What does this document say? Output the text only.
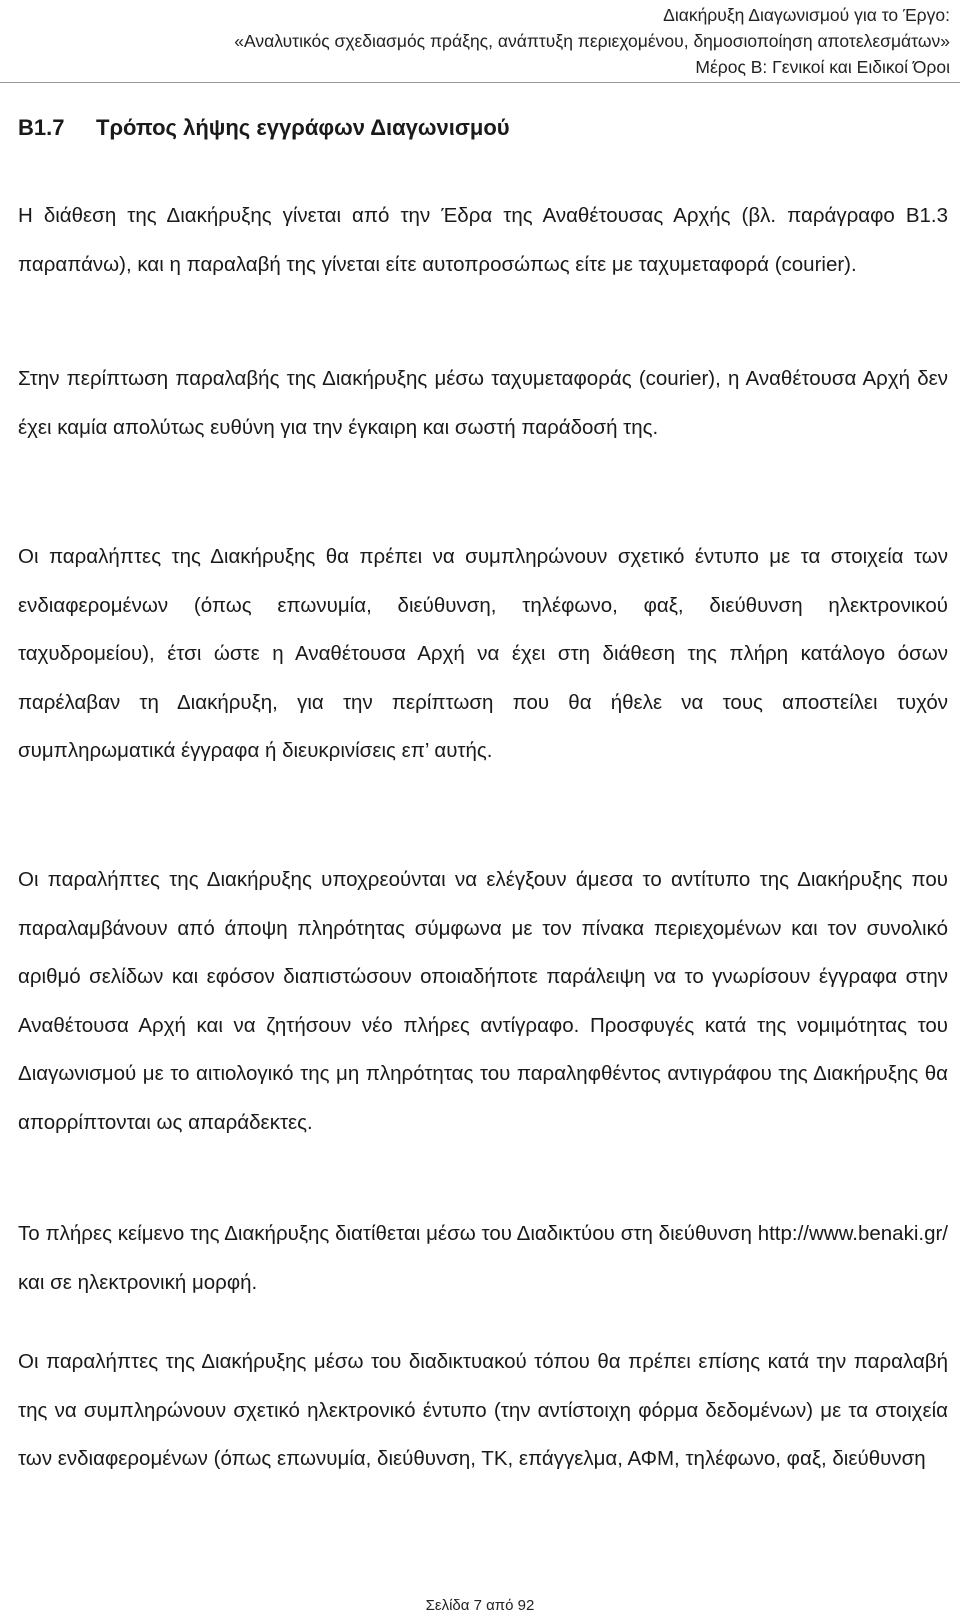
Διακήρυξη Διαγωνισμού για το Έργο:
«Αναλυτικός σχεδιασμός πράξης, ανάπτυξη περιεχομένου, δημοσιοποίηση αποτελεσμάτων»
Μέρος Β: Γενικοί και Ειδικοί Όροι
Β1.7 Τρόπος λήψης εγγράφων Διαγωνισμού

Η διάθεση της Διακήρυξης γίνεται από την Έδρα της Αναθέτουσας Αρχής (βλ. παράγραφο Β1.3 παραπάνω), και η παραλαβή της γίνεται είτε αυτοπροσώπως είτε με ταχυμεταφορά (courier).

Στην περίπτωση παραλαβής της Διακήρυξης μέσω ταχυμεταφοράς (courier), η Αναθέτουσα Αρχή δεν έχει καμία απολύτως ευθύνη για την έγκαιρη και σωστή παράδοσή της.

Οι παραλήπτες της Διακήρυξης θα πρέπει να συμπληρώνουν σχετικό έντυπο με τα στοιχεία των ενδιαφερομένων (όπως επωνυμία, διεύθυνση, τηλέφωνο, φαξ, διεύθυνση ηλεκτρονικού ταχυδρομείου), έτσι ώστε η Αναθέτουσα Αρχή να έχει στη διάθεση της πλήρη κατάλογο όσων παρέλαβαν τη Διακήρυξη, για την περίπτωση που θα ήθελε να τους αποστείλει τυχόν συμπληρωματικά έγγραφα ή διευκρινίσεις επ’ αυτής.

Οι παραλήπτες της Διακήρυξης υποχρεούνται να ελέγξουν άμεσα το αντίτυπο της Διακήρυξης που παραλαμβάνουν από άποψη πληρότητας σύμφωνα με τον πίνακα περιεχομένων και τον συνολικό αριθμό σελίδων και εφόσον διαπιστώσουν οποιαδήποτε παράλειψη να το γνωρίσουν έγγραφα στην Αναθέτουσα Αρχή και να ζητήσουν νέο πλήρες αντίγραφο. Προσφυγές κατά της νομιμότητας του Διαγωνισμού με το αιτιολογικό της μη πληρότητας του παραληφθέντος αντιγράφου της Διακήρυξης θα απορρίπτονται ως απαράδεκτες.

Το πλήρες κείμενο της Διακήρυξης διατίθεται μέσω του Διαδικτύου στη διεύθυνση http://www.benaki.gr/ και σε ηλεκτρονική μορφή.

Οι παραλήπτες της Διακήρυξης μέσω του διαδικτυακού τόπου θα πρέπει επίσης κατά την παραλαβή της να συμπληρώνουν σχετικό ηλεκτρονικό έντυπο (την αντίστοιχη φόρμα δεδομένων) με τα στοιχεία των ενδιαφερομένων (όπως επωνυμία, διεύθυνση, ΤΚ, επάγγελμα, ΑΦΜ, τηλέφωνο, φαξ, διεύθυνση

Σελίδα 7 από 92
